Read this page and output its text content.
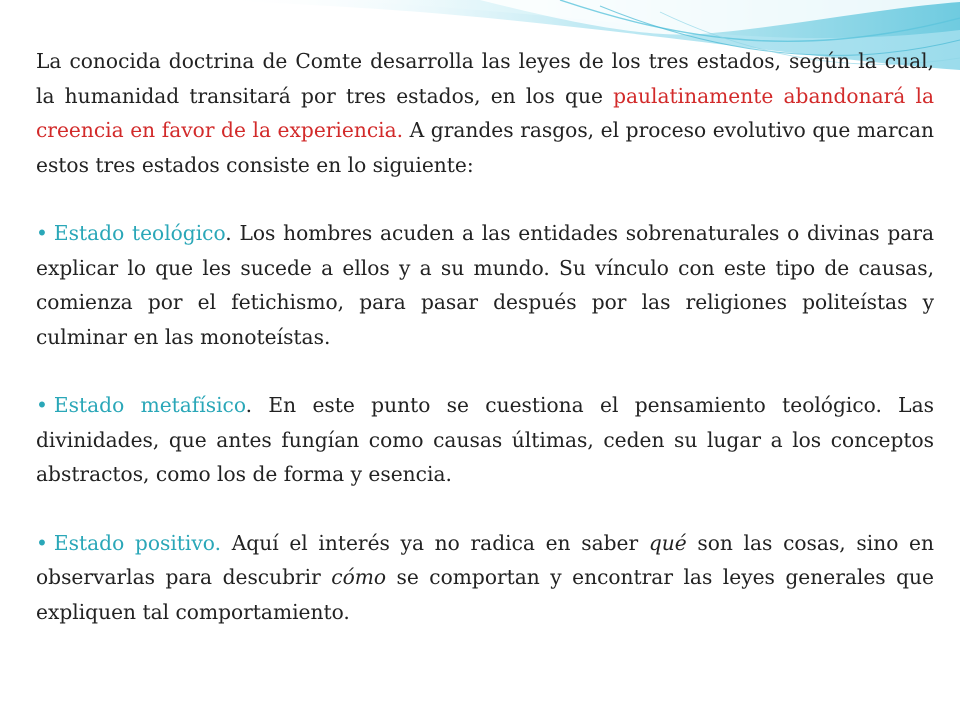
La conocida doctrina de Comte desarrolla las leyes de los tres estados, según la cual, la humanidad transitará por tres estados, en los que paulatinamente abandonará la creencia en favor de la experiencia. A grandes rasgos, el proceso evolutivo que marcan estos tres estados consiste en lo siguiente:

• Estado teológico. Los hombres acuden a las entidades sobrenaturales o divinas para explicar lo que les sucede a ellos y a su mundo. Su vínculo con este tipo de causas, comienza por el fetichismo, para pasar después por las religiones politeístas y culminar en las monoteístas.

• Estado metafísico. En este punto se cuestiona el pensamiento teológico. Las divinidades, que antes fungían como causas últimas, ceden su lugar a los conceptos abstractos, como los de forma y esencia.

• Estado positivo. Aquí el interés ya no radica en saber qué son las cosas, sino en observarlas para descubrir cómo se comportan y encontrar las leyes generales que expliquen tal comportamiento.
